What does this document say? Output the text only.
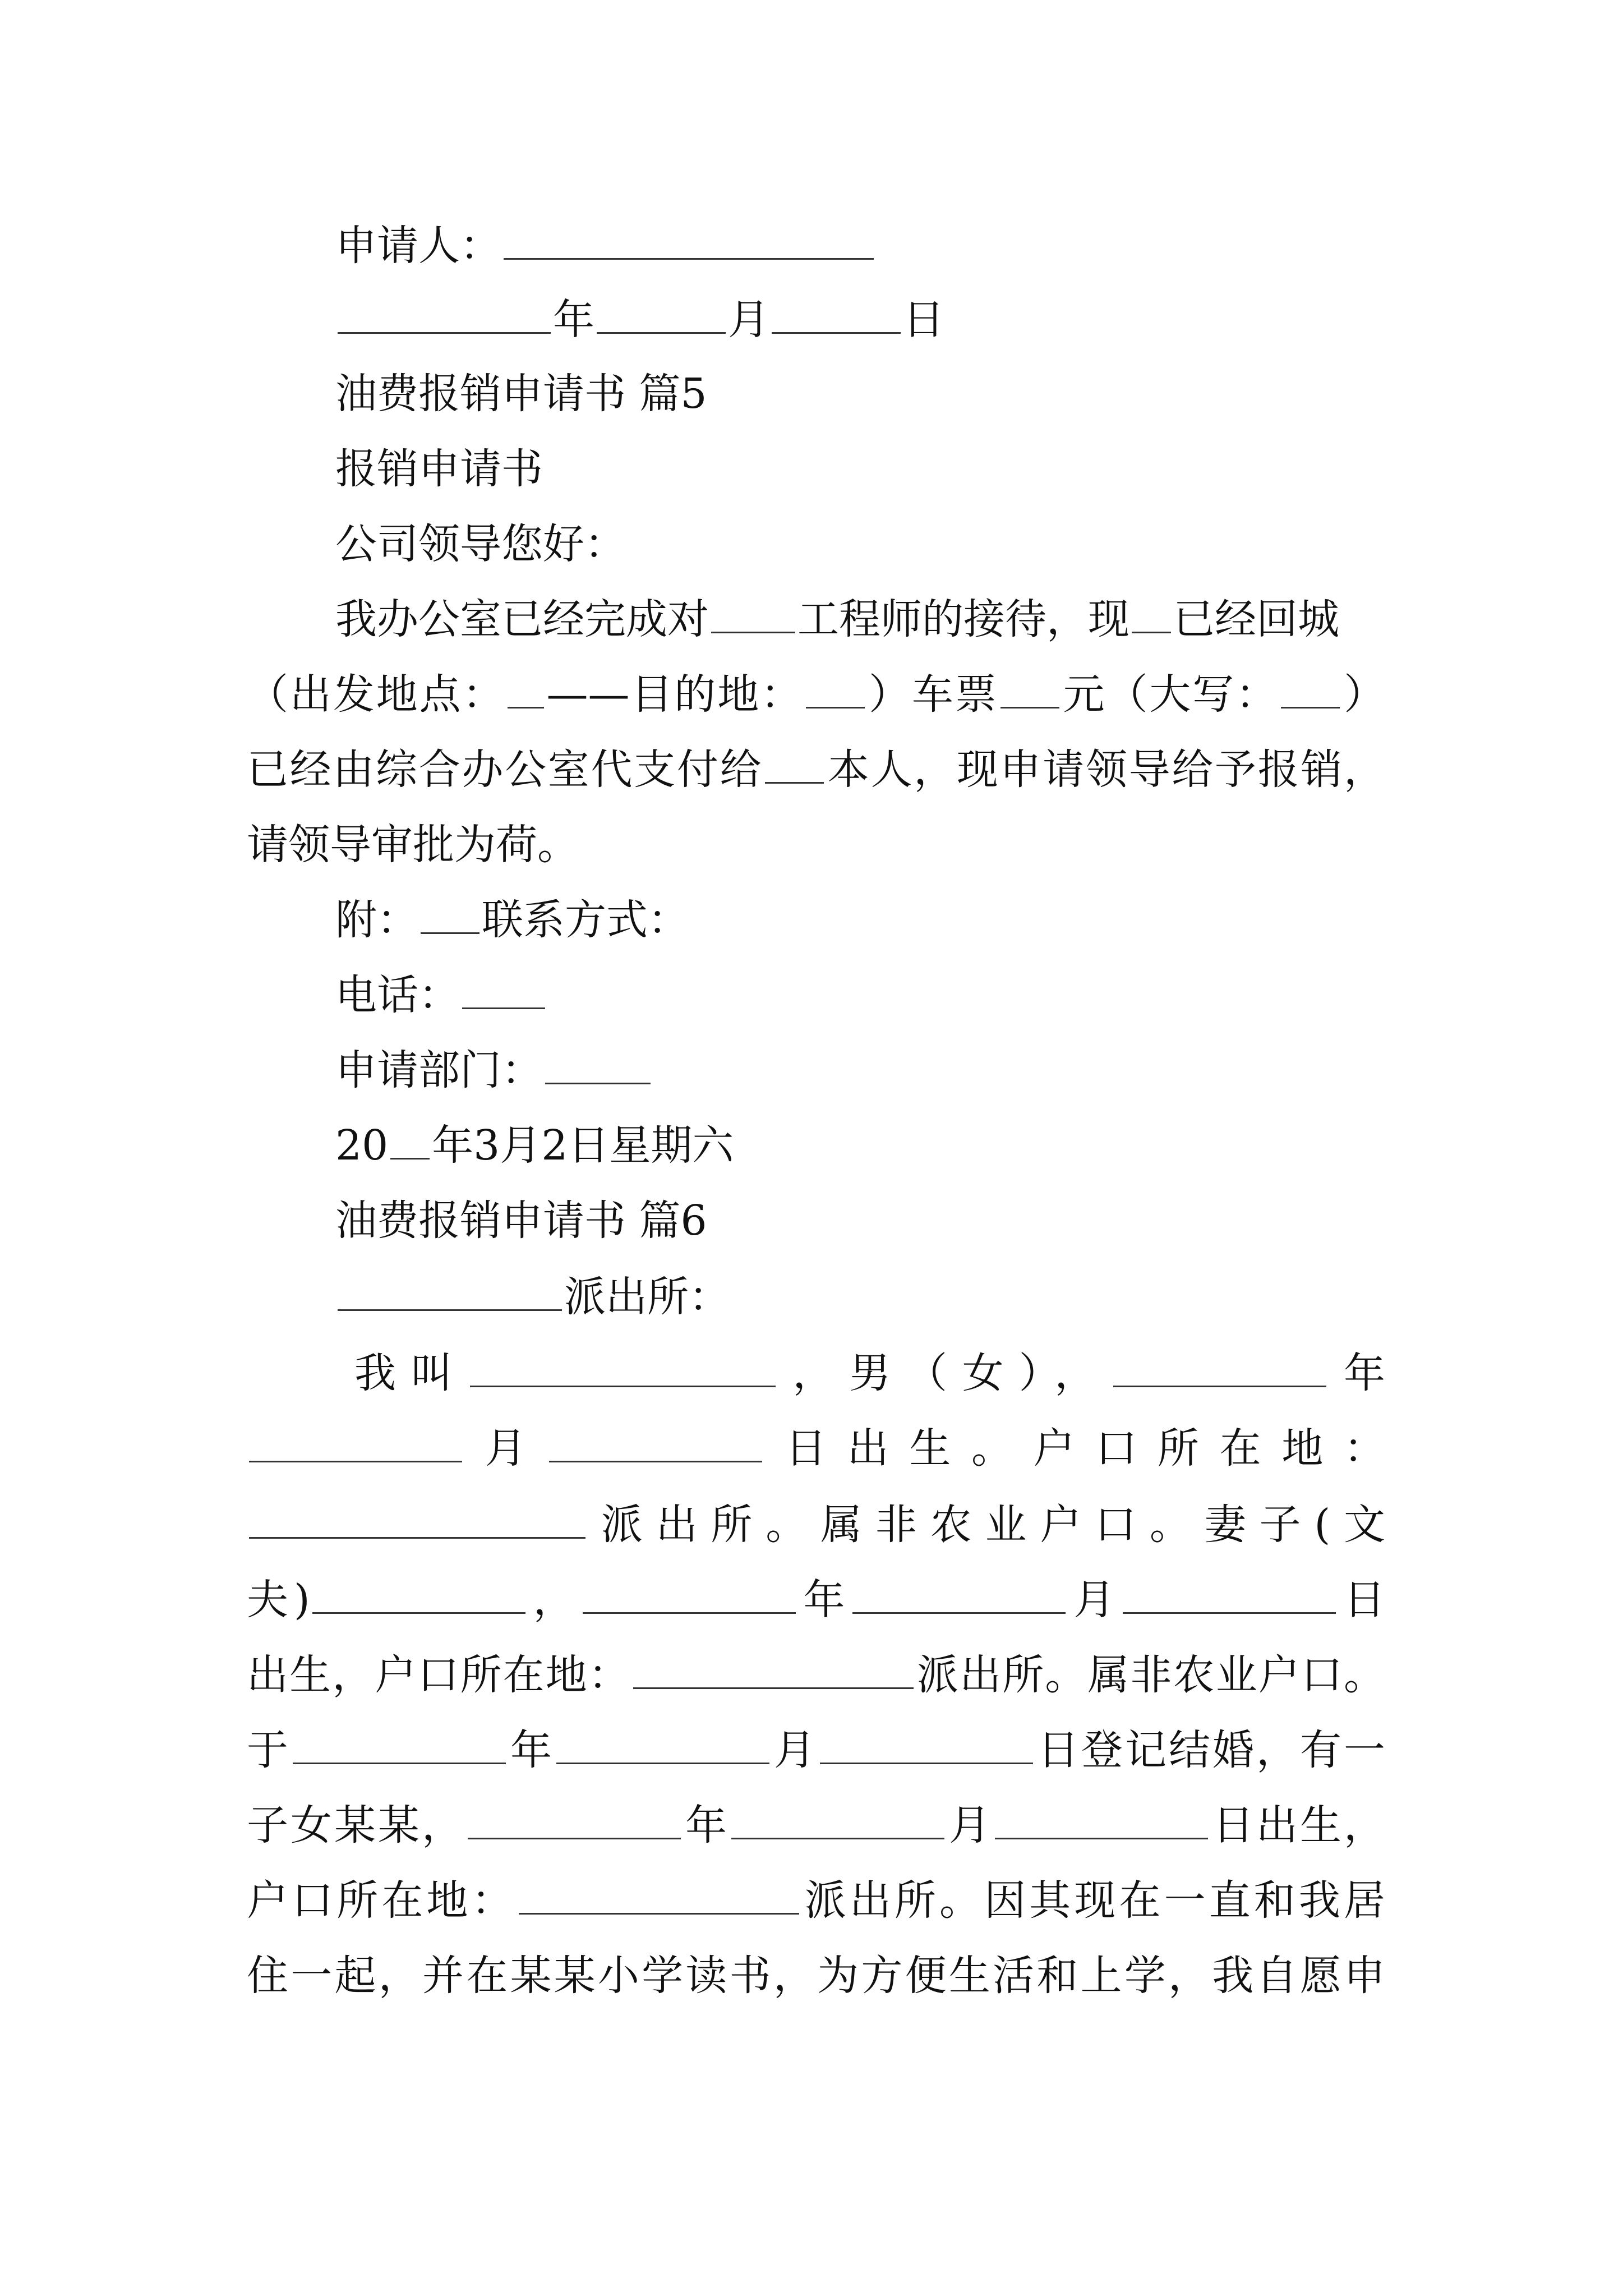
申请人：
年	月	日
油费报销申请书 篇5
报销申请书
公司领导您好：
我办公室已经完成对 工程师的接待，现 已经回城
（出发地点： ——目的地： ）车票 元（大写： ）
已经由综合办公室代支付给 本人，现申请领导给予报销，
请领导审批为荷。
附： 联系方式：
电话：
申请部门：
20 年3月2日星期六
油费报销申请书 篇6
派出所：
我叫	，男（女），	年
月	日出生。户口所在地：
派出所。属非农业户口。妻子(文
夫)	，	年	月	日
出生，户口所在地：	派出所。属非农业户口。
于	年	月	日登记结婚，有一
子女某某，	年	月	日出生，
户口所在地：	派出所。因其现在一直和我居
住一起，并在某某小学读书，为方便生活和上学，我自愿申
